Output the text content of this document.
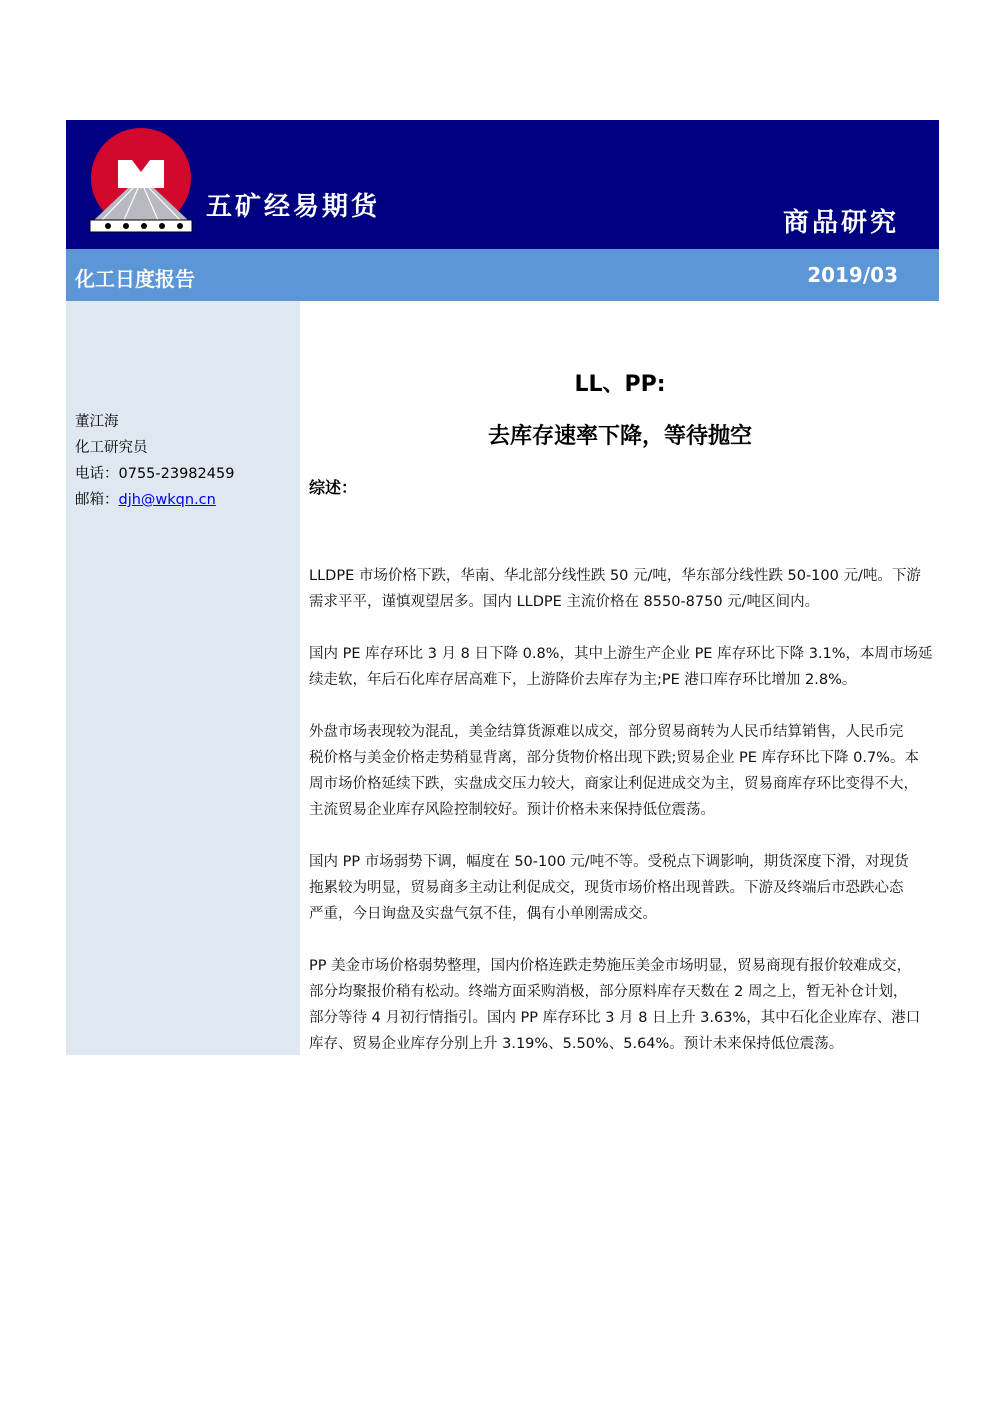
五矿经易期货
商品研究
化工日度报告	2019/03
董江海
化工研究员
电话：0755-23982459
邮箱：djh@wkqn.cn
LL、PP:
去库存速率下降，等待抛空
综述：
LLDPE 市场价格下跌，华南、华北部分线性跌 50 元/吨，华东部分线性跌 50-100 元/吨。下游
需求平平，谨慎观望居多。国内 LLDPE 主流价格在 8550-8750 元/吨区间内。
国内 PE 库存环比 3 月 8 日下降 0.8%，其中上游生产企业 PE 库存环比下降 3.1%，本周市场延
续走软，年后石化库存居高难下，上游降价去库存为主;PE 港口库存环比增加 2.8%。
外盘市场表现较为混乱，美金结算货源难以成交，部分贸易商转为人民币结算销售，人民币完
税价格与美金价格走势稍显背离，部分货物价格出现下跌;贸易企业 PE 库存环比下降 0.7%。本
周市场价格延续下跌，实盘成交压力较大，商家让利促进成交为主，贸易商库存环比变得不大，
主流贸易企业库存风险控制较好。预计价格未来保持低位震荡。
国内 PP 市场弱势下调，幅度在 50-100 元/吨不等。受税点下调影响，期货深度下滑，对现货
拖累较为明显，贸易商多主动让利促成交，现货市场价格出现普跌。下游及终端后市恐跌心态
严重，今日询盘及实盘气氛不佳，偶有小单刚需成交。
PP 美金市场价格弱势整理，国内价格连跌走势施压美金市场明显，贸易商现有报价较难成交，
部分均聚报价稍有松动。终端方面采购消极，部分原料库存天数在 2 周之上，暂无补仓计划，
部分等待 4 月初行情指引。国内 PP 库存环比 3 月 8 日上升 3.63%，其中石化企业库存、港口
库存、贸易企业库存分别上升 3.19%、5.50%、5.64%。预计未来保持低位震荡。
